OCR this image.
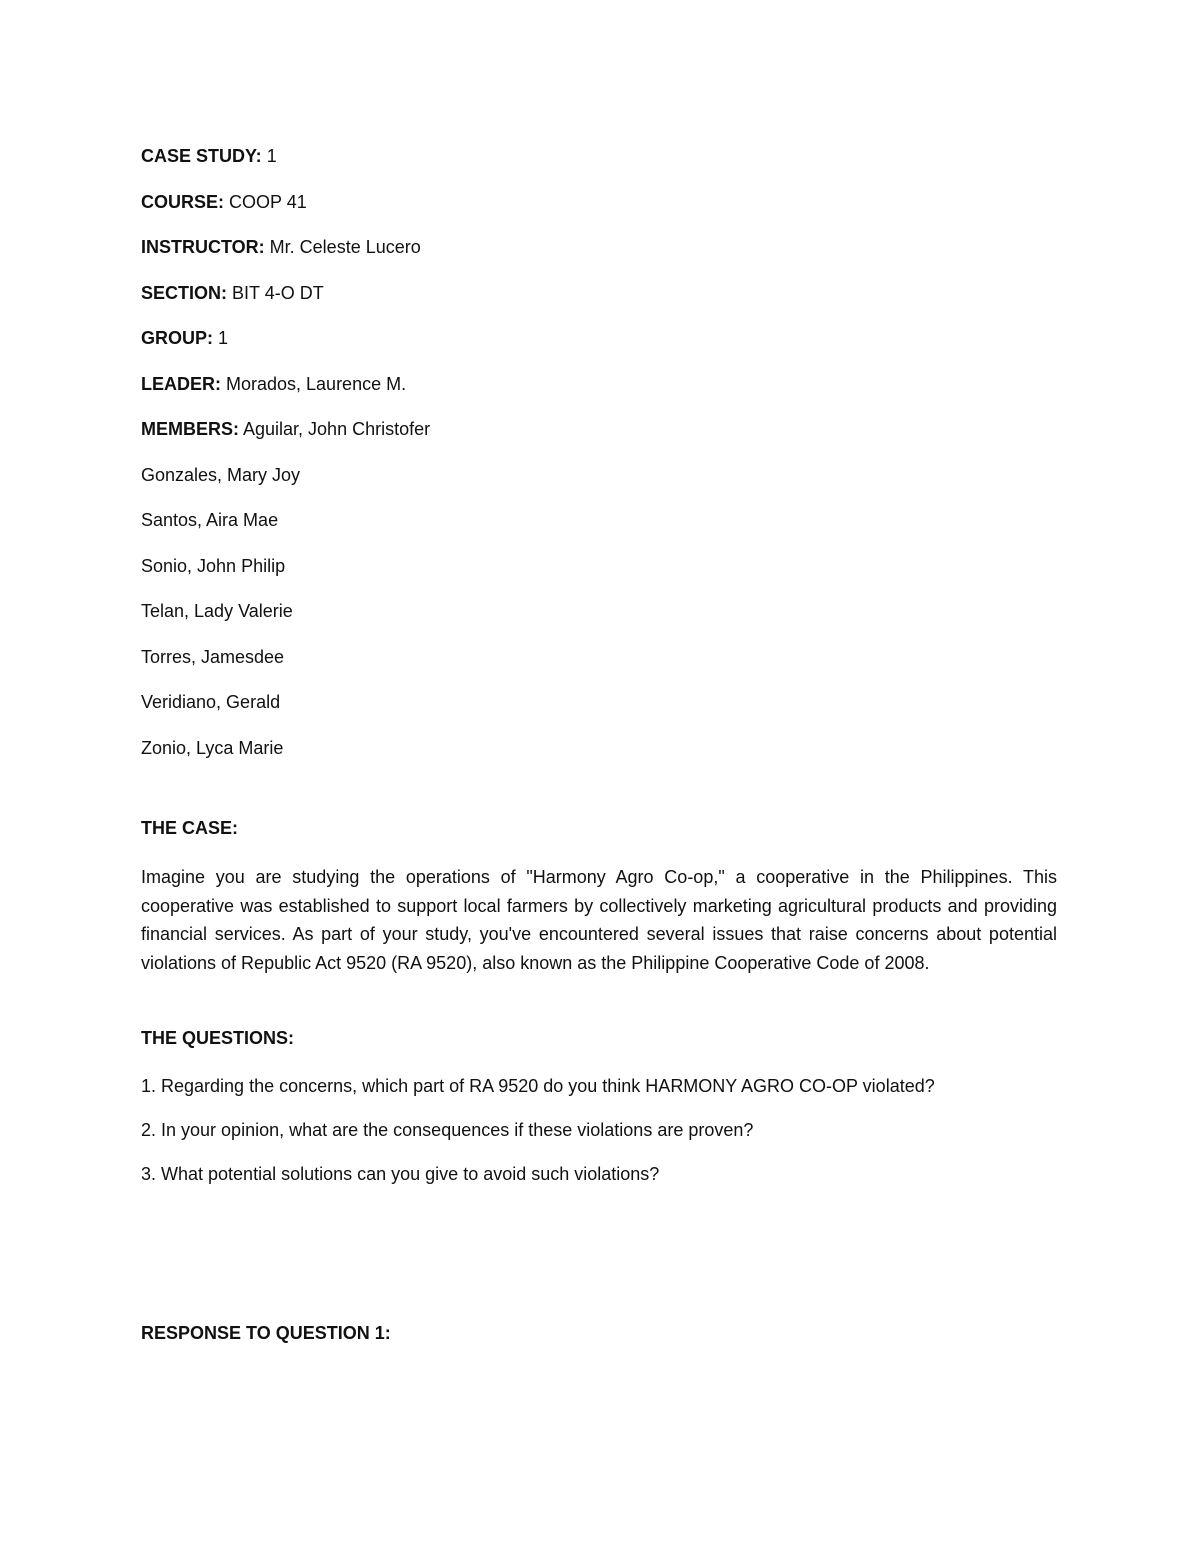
CASE STUDY: 1
COURSE: COOP 41
INSTRUCTOR: Mr. Celeste Lucero
SECTION: BIT 4-O DT
GROUP: 1
LEADER: Morados, Laurence M.
MEMBERS: Aguilar, John Christofer
Gonzales, Mary Joy
Santos, Aira Mae
Sonio, John Philip
Telan, Lady Valerie
Torres, Jamesdee
Veridiano, Gerald
Zonio, Lyca Marie
THE CASE:

Imagine you are studying the operations of "Harmony Agro Co-op," a cooperative in the Philippines. This cooperative was established to support local farmers by collectively marketing agricultural products and providing financial services. As part of your study, you've encountered several issues that raise concerns about potential violations of Republic Act 9520 (RA 9520), also known as the Philippine Cooperative Code of 2008.

THE QUESTIONS:
1. Regarding the concerns, which part of RA 9520 do you think HARMONY AGRO CO-OP violated?
2. In your opinion, what are the consequences if these violations are proven?
3. What potential solutions can you give to avoid such violations?
RESPONSE TO QUESTION 1:
